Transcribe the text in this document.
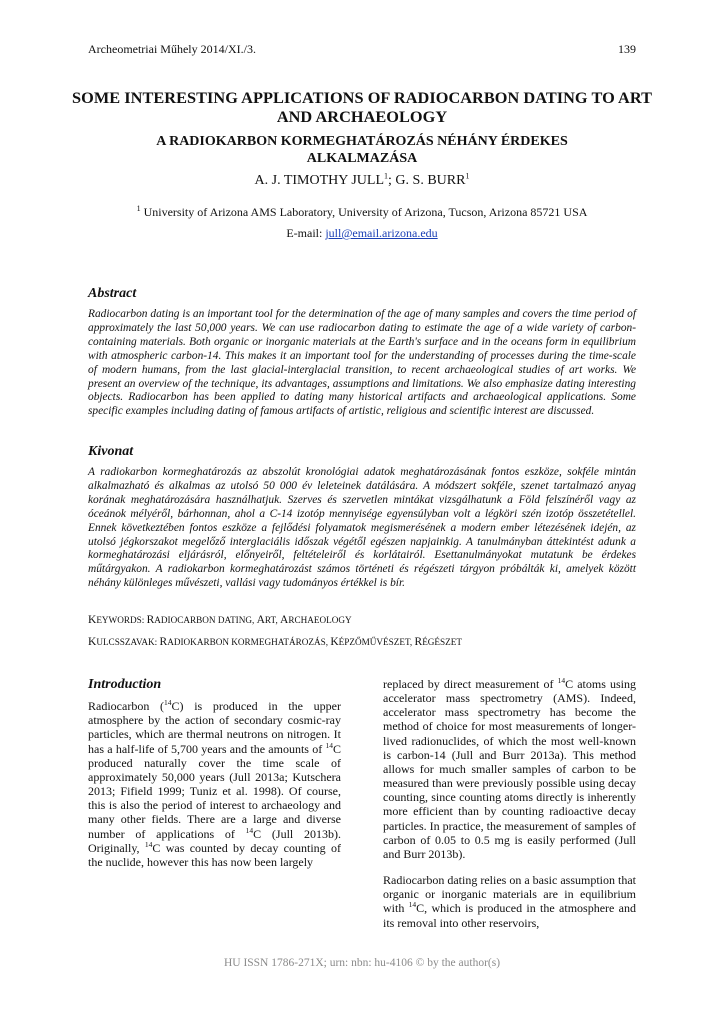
Archeometriai Műhely 2014/XI./3.	139
SOME INTERESTING APPLICATIONS OF RADIOCARBON DATING TO ART AND ARCHAEOLOGY
A RADIOKARBON KORMEGHATÁROZÁS NÉHÁNY ÉRDEKES ALKALMAZÁSA
A. J. TIMOTHY JULL$^1$; G. S. BURR$^1$
$^1$ University of Arizona AMS Laboratory, University of Arizona, Tucson, Arizona 85721 USA
E-mail: jull@email.arizona.edu
Abstract

Radiocarbon dating is an important tool for the determination of the age of many samples and covers the time period of approximately the last 50,000 years. We can use radiocarbon dating to estimate the age of a wide variety of carbon-containing materials. Both organic or inorganic materials at the Earth's surface and in the oceans form in equilibrium with atmospheric carbon-14. This makes it an important tool for the understanding of processes during the time-scale of modern humans, from the last glacial-interglacial transition, to recent archaeological studies of art works. We present an overview of the technique, its advantages, assumptions and limitations. We also emphasize dating interesting objects. Radiocarbon has been applied to dating many historical artifacts and archaeological applications. Some specific examples including dating of famous artifacts of artistic, religious and scientific interest are discussed.

Kivonat

A radiokarbon kormeghatározás az abszolút kronológiai adatok meghatározásának fontos eszköze, sokféle mintán alkalmazható és alkalmas az utolsó 50 000 év leleteinek datálására. A módszert sokféle, szenet tartalmazó anyag korának meghatározására használhatjuk. Szerves és szervetlen mintákat vizsgálhatunk a Föld felszínéről vagy az óceánok mélyéről, bárhonnan, ahol a C-14 izotóp mennyisége egyensúlyban volt a légköri szén izotóp összetétellel. Ennek következtében fontos eszköze a fejlődési folyamatok megismerésének a modern ember létezésének idején, az utolsó jégkorszakot megelőző interglaciális időszak végétől egészen napjainkig. A tanulmányban áttekintést adunk a kormeghatározási eljárásról, előnyeiről, feltételeiről és korlátairól. Esettanulmányokat mutatunk be érdekes műtárgyakon. A radiokarbon kormeghatározást számos történeti és régészeti tárgyon próbálták ki, amelyek között néhány különleges művészeti, vallási vagy tudományos értékkel is bír.

KEYWORDS: RADIOCARBON DATING, ART, ARCHAEOLOGY
KULCSSZAVAK: RADIOKARBON KORMEGHATÁROZÁS, KÉPZŐMŰVÉSZET, RÉGÉSZET
Introduction

Radiocarbon ($^{14}$C) is produced in the upper atmosphere by the action of secondary cosmic-ray particles, which are thermal neutrons on nitrogen. It has a half-life of 5,700 years and the amounts of $^{14}$C produced naturally cover the time scale of approximately 50,000 years (Jull 2013a; Kutschera 2013; Fifield 1999; Tuniz et al. 1998). Of course, this is also the period of interest to archaeology and many other fields. There are a large and diverse number of applications of $^{14}$C (Jull 2013b). Originally, $^{14}$C was counted by decay counting of the nuclide, however this has now been largely

replaced by direct measurement of $^{14}$C atoms using accelerator mass spectrometry (AMS). Indeed, accelerator mass spectrometry has become the method of choice for most measurements of longer-lived radionuclides, of which the most well-known is carbon-14 (Jull and Burr 2013a). This method allows for much smaller samples of carbon to be measured than were previously possible using decay counting, since counting atoms directly is inherently more efficient than by counting radioactive decay particles. In practice, the measurement of samples of carbon of 0.05 to 0.5 mg is easily performed (Jull and Burr 2013b).

Radiocarbon dating relies on a basic assumption that organic or inorganic materials are in equilibrium with $^{14}$C, which is produced in the atmosphere and its removal into other reservoirs,

HU ISSN 1786-271X; urn: nbn: hu-4106 © by the author(s)
